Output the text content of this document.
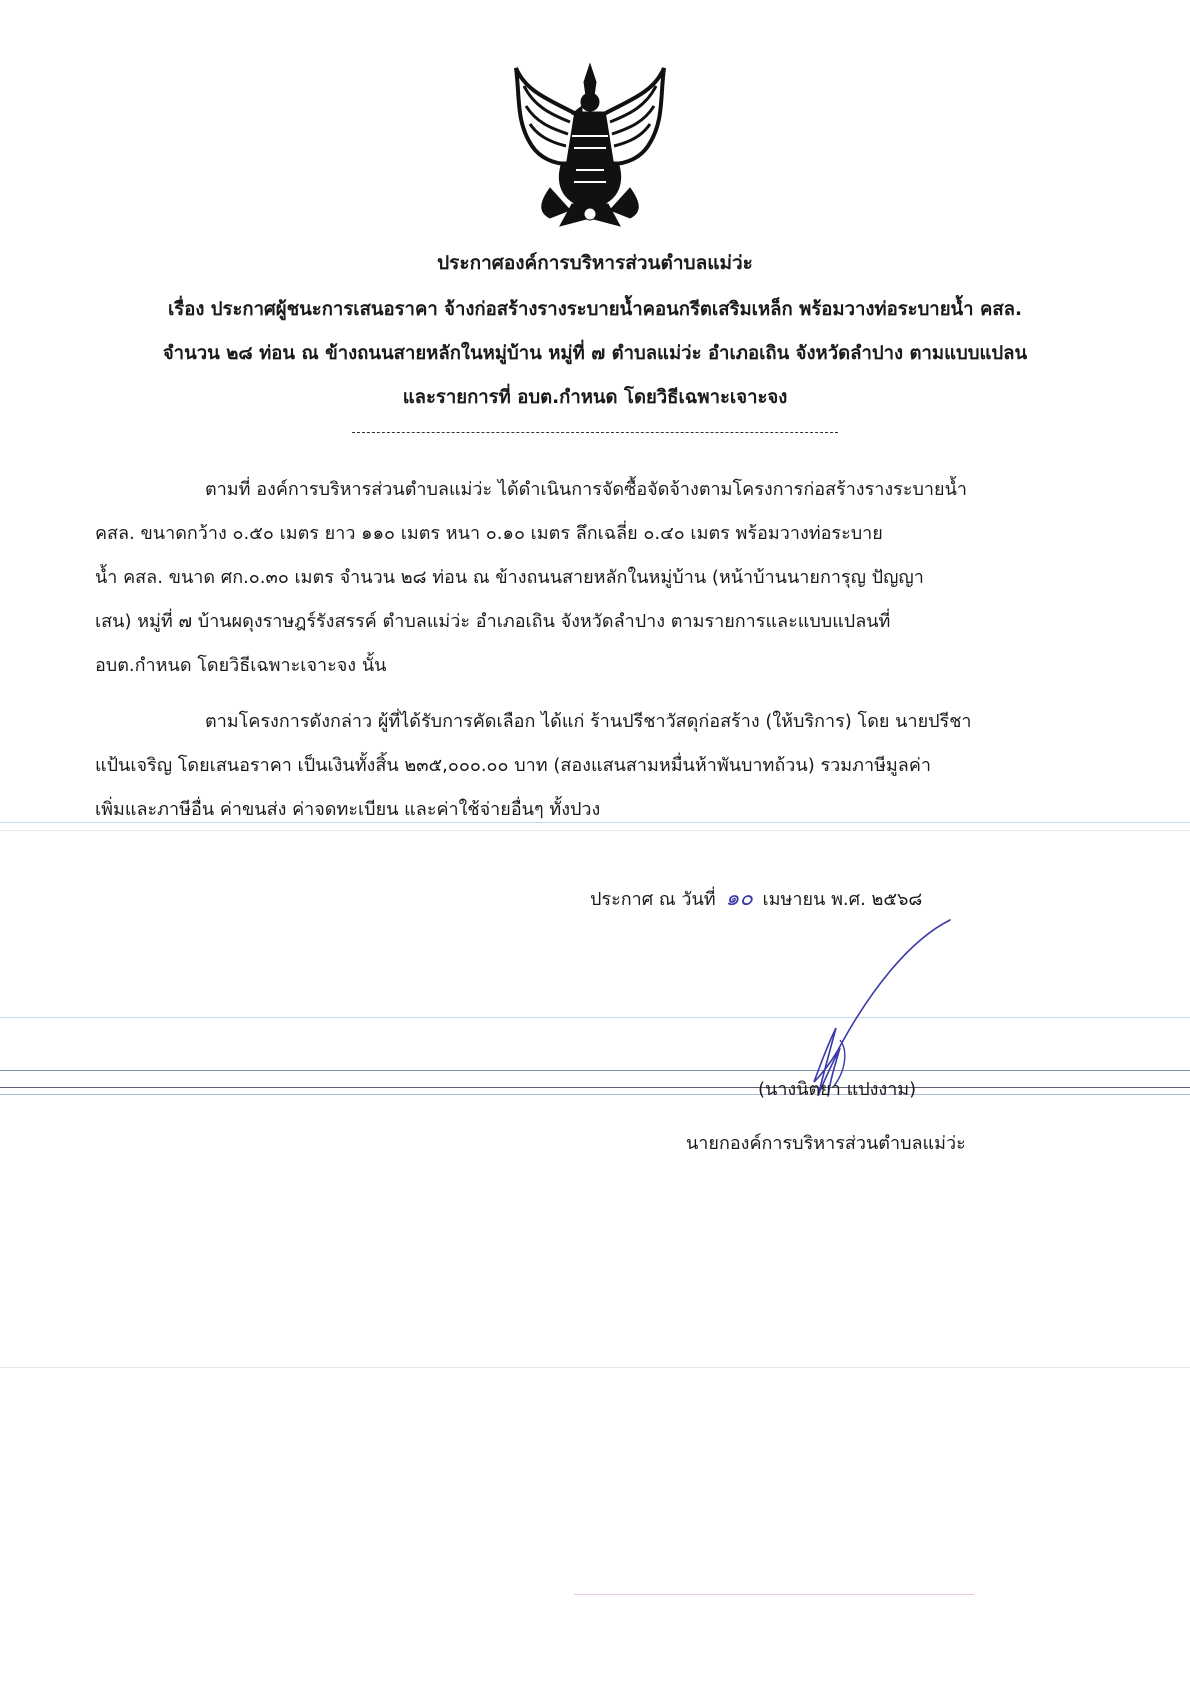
ประกาศองค์การบริหารส่วนตำบลแม่ว่ะ
เรื่อง ประกาศผู้ชนะการเสนอราคา จ้างก่อสร้างรางระบายน้ำคอนกรีตเสริมเหล็ก พร้อมวางท่อระบายน้ำ คสล.
จำนวน ๒๘ ท่อน ณ ข้างถนนสายหลักในหมู่บ้าน หมู่ที่ ๗ ตำบลแม่ว่ะ อำเภอเถิน จังหวัดลำปาง ตามแบบแปลน
และรายการที่ อบต.กำหนด โดยวิธีเฉพาะเจาะจง
ตามที่ องค์การบริหารส่วนตำบลแม่ว่ะ ได้ดำเนินการจัดซื้อจัดจ้างตามโครงการก่อสร้างรางระบายน้ำ
คสล. ขนาดกว้าง ๐.๕๐ เมตร ยาว ๑๑๐ เมตร หนา ๐.๑๐ เมตร ลึกเฉลี่ย ๐.๔๐ เมตร พร้อมวางท่อระบาย
น้ำ คสล. ขนาด ศก.๐.๓๐ เมตร จำนวน ๒๘ ท่อน ณ ข้างถนนสายหลักในหมู่บ้าน (หน้าบ้านนายการุญ ปัญญา
เสน) หมู่ที่ ๗ บ้านผดุงราษฎร์รังสรรค์ ตำบลแม่ว่ะ อำเภอเถิน จังหวัดลำปาง ตามรายการและแบบแปลนที่
อบต.กำหนด โดยวิธีเฉพาะเจาะจง นั้น
ตามโครงการดังกล่าว ผู้ที่ได้รับการคัดเลือก ได้แก่ ร้านปรีชาวัสดุก่อสร้าง (ให้บริการ) โดย นายปรีชา
แป้นเจริญ โดยเสนอราคา เป็นเงินทั้งสิ้น ๒๓๕,๐๐๐.๐๐ บาท (สองแสนสามหมื่นห้าพันบาทถ้วน) รวมภาษีมูลค่า
เพิ่มและภาษีอื่น ค่าขนส่ง ค่าจดทะเบียน และค่าใช้จ่ายอื่นๆ ทั้งปวง
ประกาศ ณ วันที่ ๑๐ เมษายน พ.ศ. ๒๕๖๘
(นางนิตยา แปงงาม)
นายกองค์การบริหารส่วนตำบลแม่ว่ะ
